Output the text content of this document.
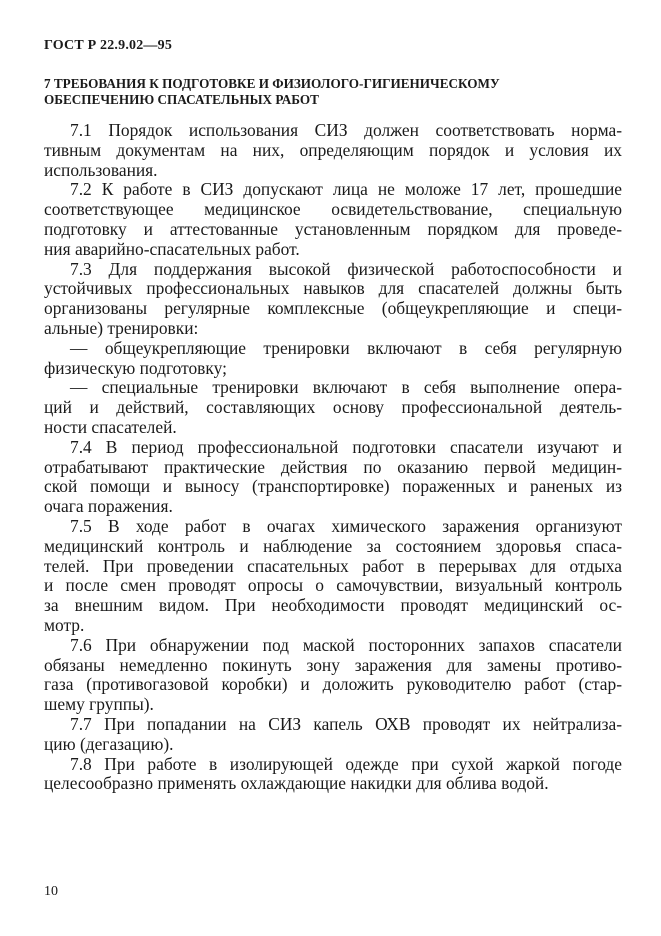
ГОСТ Р 22.9.02—95
7 ТРЕБОВАНИЯ К ПОДГОТОВКЕ И ФИЗИОЛОГО-ГИГИЕНИЧЕСКОМУ
ОБЕСПЕЧЕНИЮ СПАСАТЕЛЬНЫХ РАБОТ
7.1 Порядок использования СИЗ должен соответствовать норма-
тивным документам на них, определяющим порядок и условия их
использования.
7.2 К работе в СИЗ допускают лица не моложе 17 лет, прошедшие
соответствующее медицинское освидетельствование, специальную
подготовку и аттестованные установленным порядком для проведе-
ния аварийно-спасательных работ.
7.3 Для поддержания высокой физической работоспособности и
устойчивых профессиональных навыков для спасателей должны быть
организованы регулярные комплексные (общеукрепляющие и специ-
альные) тренировки:
— общеукрепляющие тренировки включают в себя регулярную
физическую подготовку;
— специальные тренировки включают в себя выполнение опера-
ций и действий, составляющих основу профессиональной деятель-
ности спасателей.
7.4 В период профессиональной подготовки спасатели изучают и
отрабатывают практические действия по оказанию первой медицин-
ской помощи и выносу (транспортировке) пораженных и раненых из
очага поражения.
7.5 В ходе работ в очагах химического заражения организуют
медицинский контроль и наблюдение за состоянием здоровья спаса-
телей. При проведении спасательных работ в перерывах для отдыха
и после смен проводят опросы о самочувствии, визуальный контроль
за внешним видом. При необходимости проводят медицинский ос-
мотр.
7.6 При обнаружении под маской посторонних запахов спасатели
обязаны немедленно покинуть зону заражения для замены противо-
газа (противогазовой коробки) и доложить руководителю работ (стар-
шему группы).
7.7 При попадании на СИЗ капель ОХВ проводят их нейтрализа-
цию (дегазацию).
7.8 При работе в изолирующей одежде при сухой жаркой погоде
целесообразно применять охлаждающие накидки для облива водой.
10
